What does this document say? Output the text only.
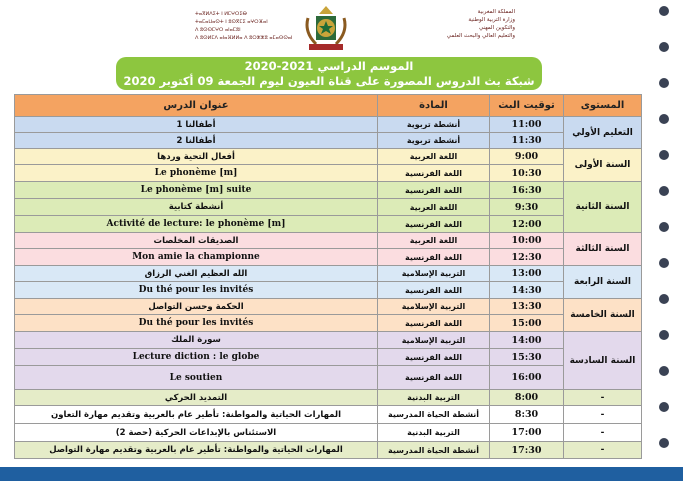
ⵜⴰⴳⵍⴷⵉⵜ ⵏ ⵍⵎⵖⵔⵉⴱ
ⵜⴰⵎⴰⵡⴰⵙⵜ ⵏ ⵓⵙⴳⵎⵉ ⴰⵖⵔⴼⴰⵏ
ⴷ ⵓⵙⵙⵎⵖⵔ ⴰⵏⴰⵎⵓⵏ
ⴷ ⵓⵙⵍⵎⴷ ⴰⵏⴰⴼⵍⵍⴰ ⴷ ⵓⵔⵣⵣⵓ ⴰⵎⴰⵙⵙⴰⵏ
المملكة المغربية
وزارة التربية الوطنية
والتكوين المهني
والتعليم العالي والبحث العلمي
الموسم الدراسي 2021-2020
شبكة بث الدروس المصورة على قناة العيون ليوم الجمعة 09 أكتوبر 2020
المستوى	توقيت البث	المادة	عنوان الدرس
التعليم الأولي	11:00	أنشطة تربوية	أطفالنا 1
	11:30	أنشطة تربوية	أطفالنا 2
السنة الأولى	9:00	اللغة العربية	أفعال التحية وردها
	10:30	اللغة الفرنسية	Le phonème [m]
السنة الثانية	16:30	اللغة الفرنسية	Le phonème [m] suite
	9:30	اللغة العربية	أنشطة كتابية
	12:00	اللغة الفرنسية	Activité de lecture: le phonème [m]
السنة الثالثة	10:00	اللغة العربية	الصديقات المخلصات
	12:30	اللغة الفرنسية	Mon amie la championne
السنة الرابعة	13:00	التربية الإسلامية	الله العظيم الغني الرزاق
	14:30	اللغة الفرنسية	Du thé pour les invités
السنة الخامسة	13:30	التربية الإسلامية	الحكمة وحسن التواصل
	15:00	اللغة الفرنسية	Du thé pour les invités
السنة السادسة	14:00	التربية الإسلامية	سورة الملك
	15:30	اللغة الفرنسية	Lecture diction : le globe
	16:00	اللغة الفرنسية	Le soutien
-	8:00	التربية البدنية	التمديد الحركي
-	8:30	أنشطة الحياة المدرسية	المهارات الحياتية والمواطنة: تأطير عام بالعربية وتقديم مهارة التعاون
-	17:00	التربية البدنية	الاستئناس بالإبداعات الحركية (حصة 2)
-	17:30	أنشطة الحياة المدرسية	المهارات الحياتية والمواطنة: تأطير عام بالعربية وتقديم مهارة التواصل
